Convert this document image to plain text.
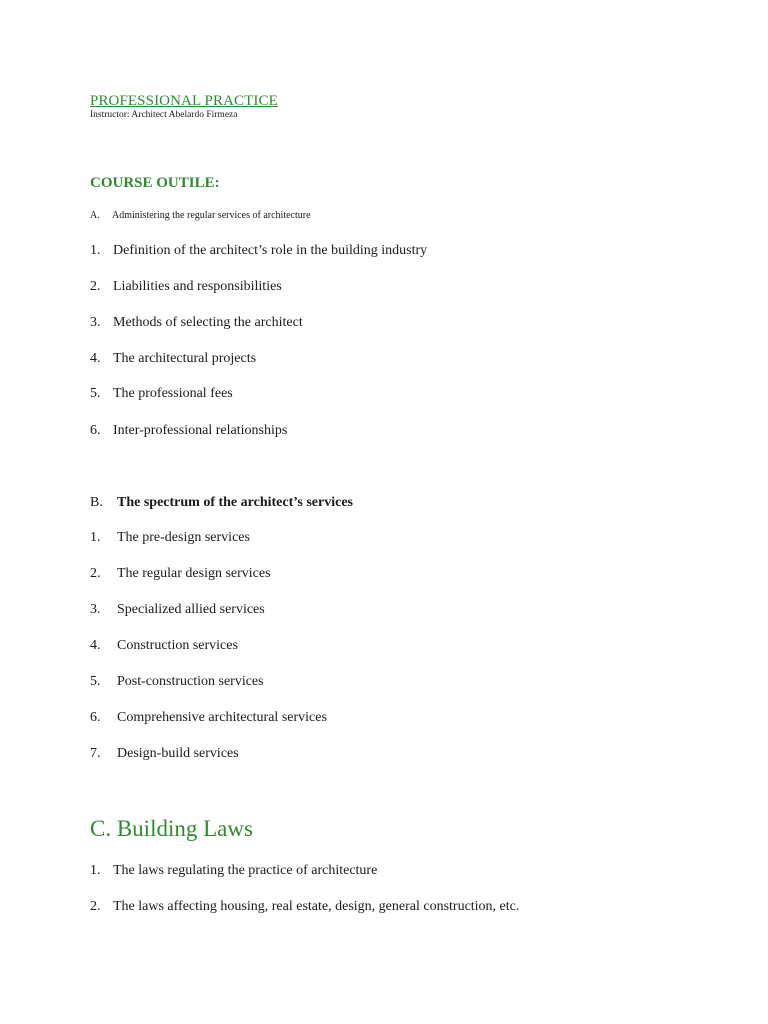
PROFESSIONAL PRACTICE
Instructor: Architect Abelardo Firmeza
COURSE OUTILE:
A. Administering the regular services of architecture
1. Definition of the architect’s role in the building industry
2. Liabilities and responsibilities
3. Methods of selecting the architect
4. The architectural projects
5. The professional fees
6. Inter-professional relationships
B. The spectrum of the architect’s services
1. The pre-design services
2. The regular design services
3. Specialized allied services
4. Construction services
5. Post-construction services
6. Comprehensive architectural services
7. Design-build services
C. Building Laws
1. The laws regulating the practice of architecture
2. The laws affecting housing, real estate, design, general construction, etc.
